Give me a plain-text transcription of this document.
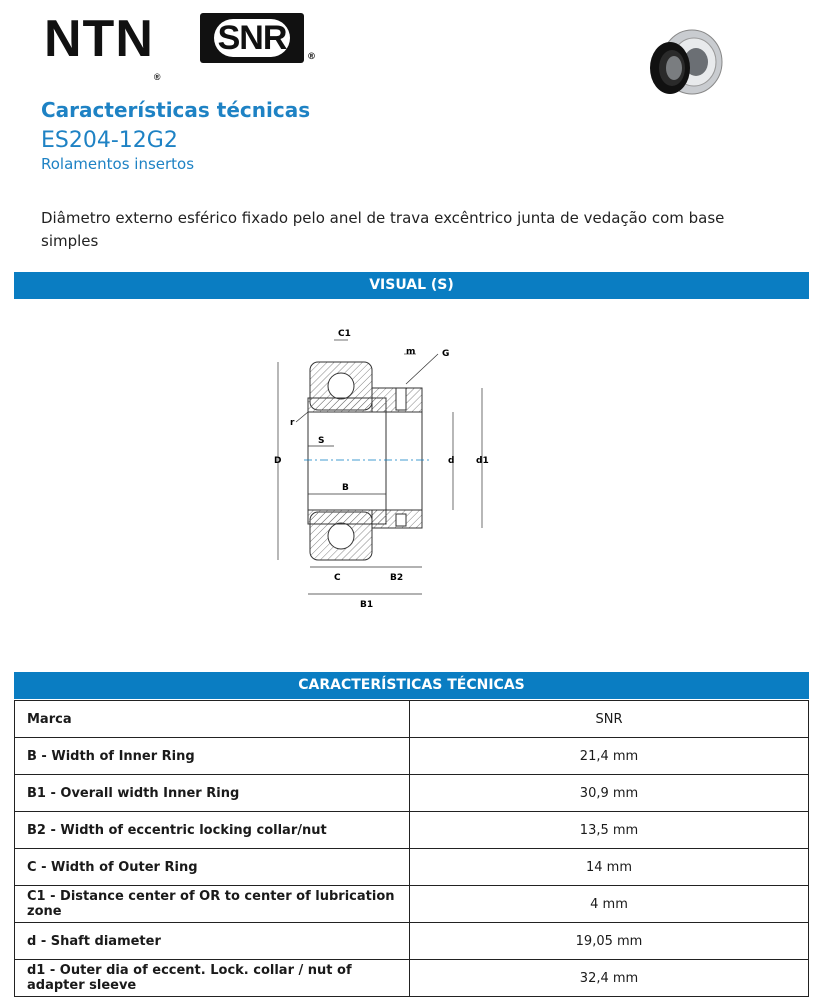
NTN®
SNR	®
Características técnicas
ES204-12G2
Rolamentos insertos
Diâmetro externo esférico fixado pelo anel de trava excêntrico junta de vedação com base simples
VISUAL (S)
C1
m	G
r
S
D	d d1
B
C	B2
B1
CARACTERÍSTICAS TÉCNICAS
Marca	SNR
B - Width of Inner Ring	21,4 mm
B1 - Overall width Inner Ring	30,9 mm
B2 - Width of eccentric locking collar/nut	13,5 mm
C - Width of Outer Ring	14 mm
C1 - Distance center of OR to center of lubrication zone	4 mm
d - Shaft diameter	19,05 mm
d1 - Outer dia of eccent. Lock. collar / nut of adapter sleeve	32,4 mm
